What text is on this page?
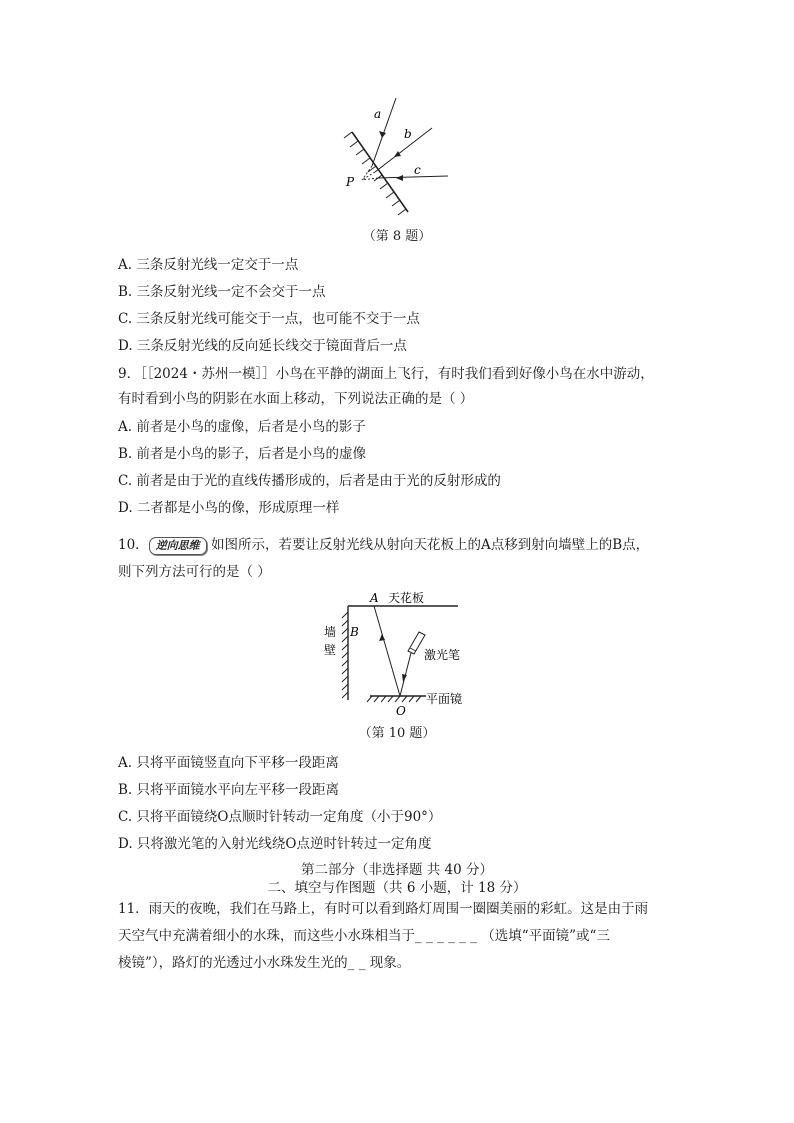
a
b
c
P
（第 8 题）
A. 三条反射光线一定交于一点
B. 三条反射光线一定不会交于一点
C. 三条反射光线可能交于一点，也可能不交于一点
D. 三条反射光线的反向延长线交于镜面背后一点
9．［［2024・苏州一模］］小鸟在平静的湖面上飞行，有时我们看到好像小鸟在水中游动，
有时看到小鸟的阴影在水面上移动，下列说法正确的是（ ）
A. 前者是小鸟的虚像，后者是小鸟的影子
B. 前者是小鸟的影子，后者是小鸟的虚像
C. 前者是由于光的直线传播形成的，后者是由于光的反射形成的
D. 二者都是小鸟的像，形成原理一样
10． 逆向思维 如图所示，若要让反射光线从射向天花板上的A点移到射向墙壁上的B点，
则下列方法可行的是（ ）
A 天花板
B
墙
壁	激光笔
平面镜
O
（第 10 题）
A. 只将平面镜竖直向下平移一段距离
B. 只将平面镜水平向左平移一段距离
C. 只将平面镜绕O点顺时针转动一定角度（小于90°）
D. 只将激光笔的入射光线绕O点逆时针转过一定角度
第二部分（非选择题 共 40 分）
二、填空与作图题（共 6 小题，计 18 分）
11．雨天的夜晚，我们在马路上，有时可以看到路灯周围一圈圈美丽的彩虹。这是由于雨
天空气中充满着细小的水珠，而这些小水珠相当于_ _ _ _ _ _ （选填“平面镜”或“三
棱镜”），路灯的光透过小水珠发生光的_ _ 现象。
